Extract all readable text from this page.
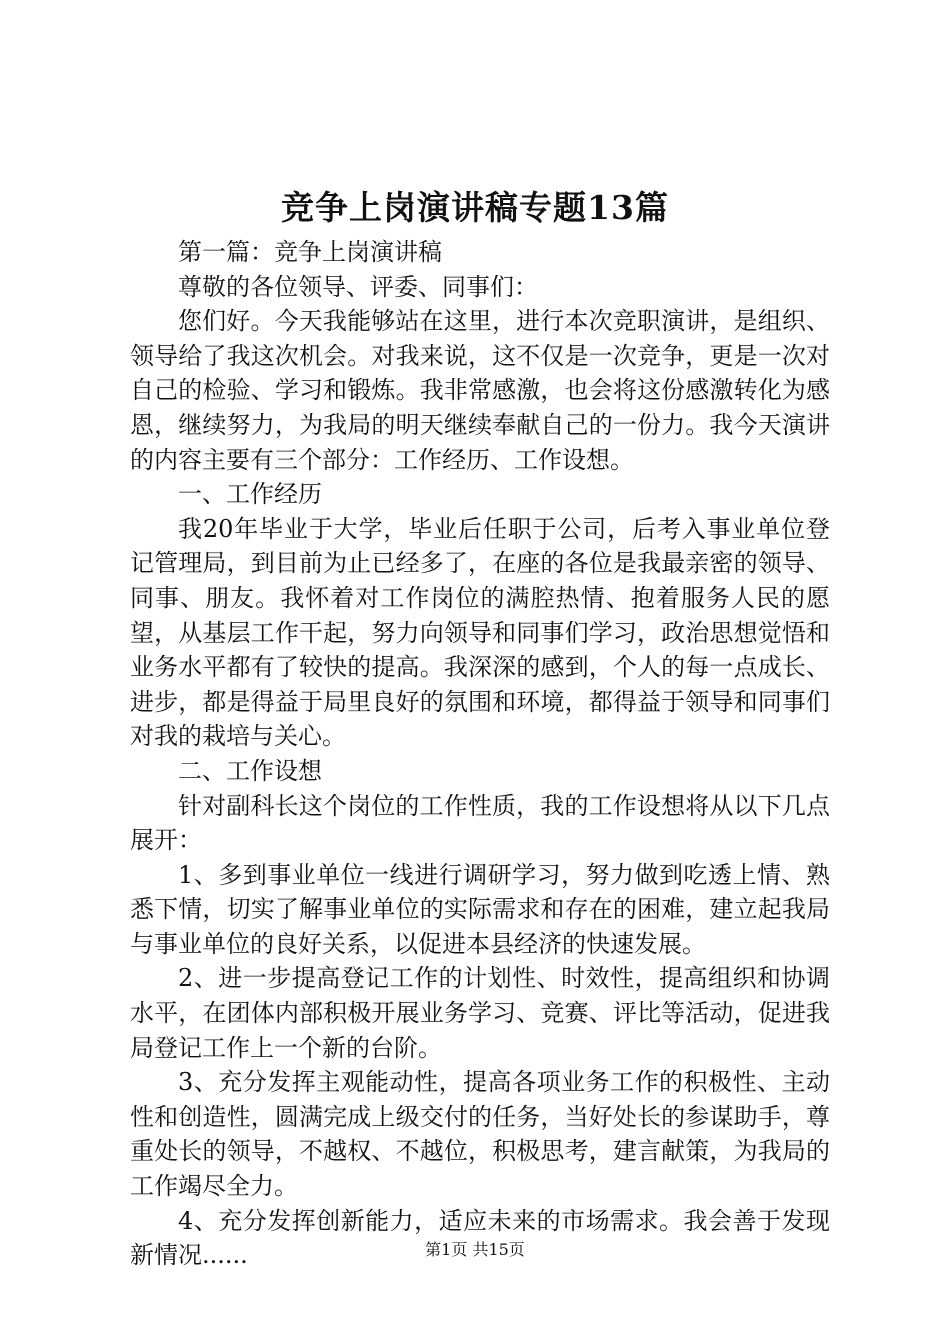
竞争上岗演讲稿专题13篇

第一篇：竞争上岗演讲稿

尊敬的各位领导、评委、同事们：

您们好。今天我能够站在这里，进行本次竞职演讲，是组织、领导给了我这次机会。对我来说，这不仅是一次竞争，更是一次对自己的检验、学习和锻炼。我非常感激，也会将这份感激转化为感恩，继续努力，为我局的明天继续奉献自己的一份力。我今天演讲的内容主要有三个部分：工作经历、工作设想。

一、工作经历

我20年毕业于大学，毕业后任职于公司，后考入事业单位登记管理局，到目前为止已经多了，在座的各位是我最亲密的领导、同事、朋友。我怀着对工作岗位的满腔热情、抱着服务人民的愿望，从基层工作干起，努力向领导和同事们学习，政治思想觉悟和业务水平都有了较快的提高。我深深的感到，个人的每一点成长、进步，都是得益于局里良好的氛围和环境，都得益于领导和同事们对我的栽培与关心。

二、工作设想

针对副科长这个岗位的工作性质，我的工作设想将从以下几点展开：

1、多到事业单位一线进行调研学习，努力做到吃透上情、熟悉下情，切实了解事业单位的实际需求和存在的困难，建立起我局与事业单位的良好关系，以促进本县经济的快速发展。

2、进一步提高登记工作的计划性、时效性，提高组织和协调水平，在团体内部积极开展业务学习、竞赛、评比等活动，促进我局登记工作上一个新的台阶。

3、充分发挥主观能动性，提高各项业务工作的积极性、主动性和创造性，圆满完成上级交付的任务，当好处长的参谋助手，尊重处长的领导，不越权、不越位，积极思考，建言献策，为我局的工作竭尽全力。

4、充分发挥创新能力，适应未来的市场需求。我会善于发现新情况......	第1页 共15页
